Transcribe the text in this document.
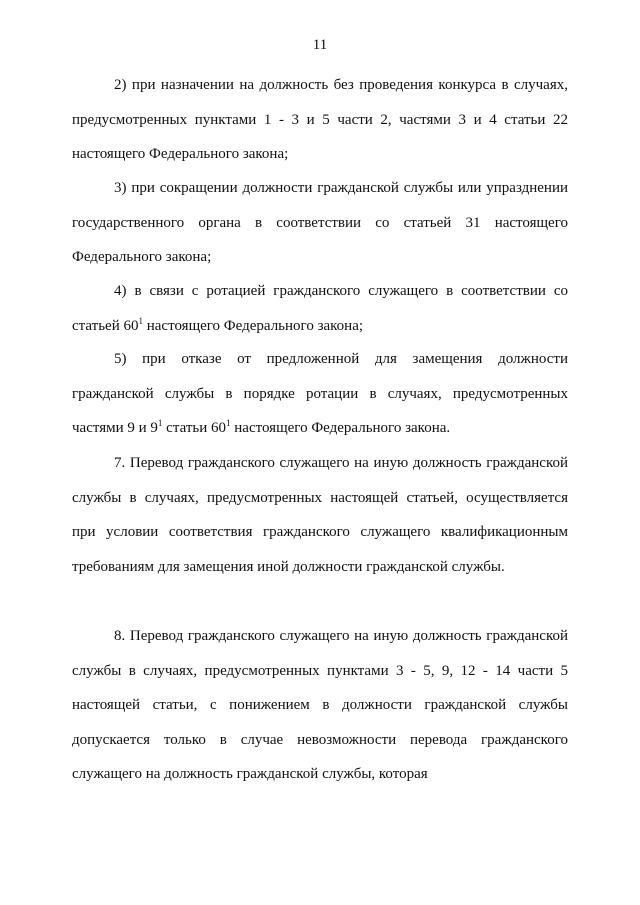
11

2) при назначении на должность без проведения конкурса в случаях, предусмотренных пунктами 1 - 3 и 5 части 2, частями 3 и 4 статьи 22 настоящего Федерального закона;

3) при сокращении должности гражданской службы или упразднении государственного органа в соответствии со статьей 31 настоящего Федерального закона;

4) в связи с ротацией гражданского служащего в соответствии со статьей $60^1$ настоящего Федерального закона;

5) при отказе от предложенной для замещения должности гражданской службы в порядке ротации в случаях, предусмотренных частями 9 и $9^1$ статьи $60^1$ настоящего Федерального закона.

7. Перевод гражданского служащего на иную должность гражданской службы в случаях, предусмотренных настоящей статьей, осуществляется при условии соответствия гражданского служащего квалификационным требованиям для замещения иной должности гражданской службы.

8. Перевод гражданского служащего на иную должность гражданской службы в случаях, предусмотренных пунктами 3 - 5, 9, 12 - 14 части 5 настоящей статьи, с понижением в должности гражданской службы допускается только в случае невозможности перевода гражданского служащего на должность гражданской службы, которая
